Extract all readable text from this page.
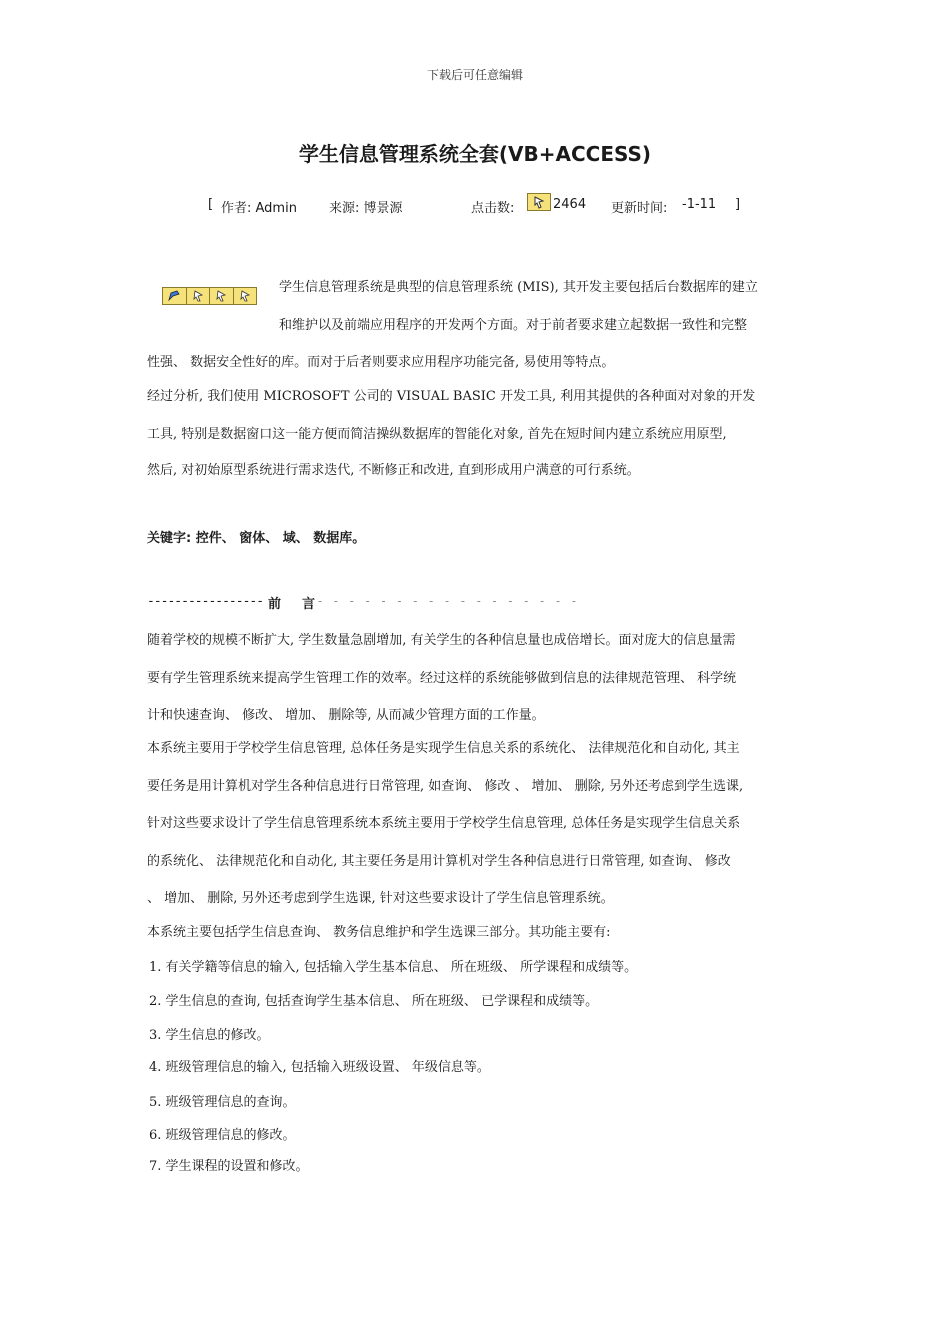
下载后可任意编辑
学生信息管理系统全套(VB+ACCESS)
[ 作者: Admin 来源: 博景源	点击数:	2464 更新时间: -1-11 ]
学生信息管理系统是典型的信息管理系统 (MIS), 其开发主要包括后台数据库的建立
和维护以及前端应用程序的开发两个方面。对于前者要求建立起数据一致性和完整
性强、 数据安全性好的库。而对于后者则要求应用程序功能完备, 易使用等特点。
经过分析, 我们使用 MICROSOFT 公司的 VISUAL BASIC 开发工具, 利用其提供的各种面对对象的开发
工具, 特别是数据窗口这一能方便而简洁操纵数据库的智能化对象, 首先在短时间内建立系统应用原型,
然后, 对初始原型系统进行需求迭代, 不断修正和改进, 直到形成用户满意的可行系统。
关键字: 控件、 窗体、 域、 数据库。
----------------- 前 言 - - - - - - - - - - - - - - - - -
随着学校的规模不断扩大, 学生数量急剧增加, 有关学生的各种信息量也成倍增长。面对庞大的信息量需
要有学生管理系统来提高学生管理工作的效率。经过这样的系统能够做到信息的法律规范管理、 科学统
计和快速查询、 修改、 增加、 删除等, 从而减少管理方面的工作量。
本系统主要用于学校学生信息管理, 总体任务是实现学生信息关系的系统化、 法律规范化和自动化, 其主
要任务是用计算机对学生各种信息进行日常管理, 如查询、 修改 、 增加、 删除, 另外还考虑到学生选课,
针对这些要求设计了学生信息管理系统本系统主要用于学校学生信息管理, 总体任务是实现学生信息关系
的系统化、 法律规范化和自动化, 其主要任务是用计算机对学生各种信息进行日常管理, 如查询、 修改
、 增加、 删除, 另外还考虑到学生选课, 针对这些要求设计了学生信息管理系统。
本系统主要包括学生信息查询、 教务信息维护和学生选课三部分。其功能主要有:
1. 有关学籍等信息的输入, 包括输入学生基本信息、 所在班级、 所学课程和成绩等。
2. 学生信息的查询, 包括查询学生基本信息、 所在班级、 已学课程和成绩等。
3. 学生信息的修改。
4. 班级管理信息的输入, 包括输入班级设置、 年级信息等。
5. 班级管理信息的查询。
6. 班级管理信息的修改。
7. 学生课程的设置和修改。
